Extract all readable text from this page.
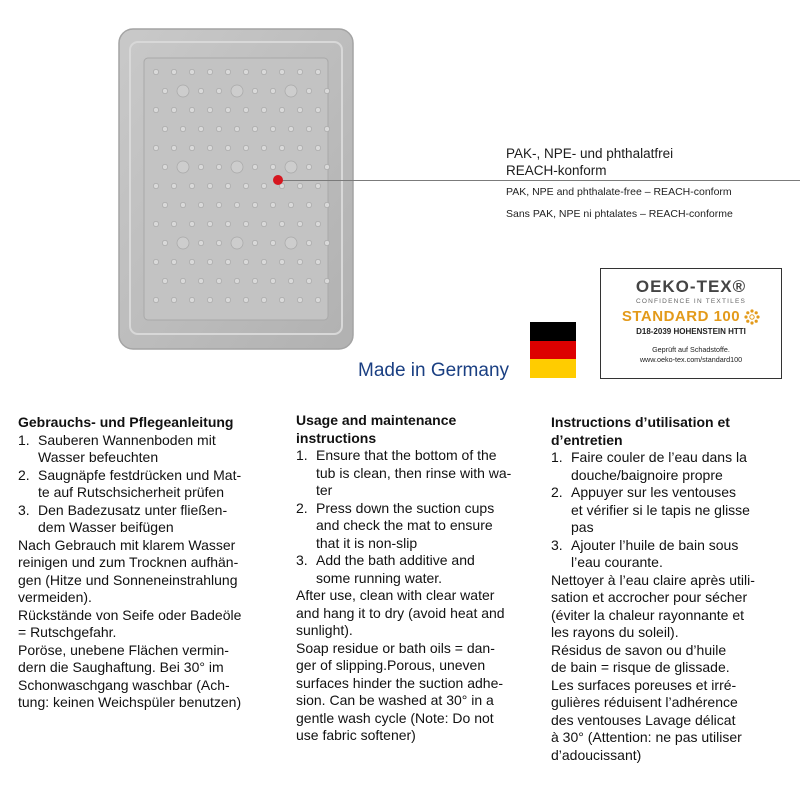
PAK-, NPE- und phthalatfrei
REACH-konform
PAK, NPE and phthalate-free – REACH-conform
Sans PAK, NPE ni phtalates – REACH-conforme
OEKO-TEX®
CONFIDENCE IN TEXTILES
STANDARD 100
D18-2039 HOHENSTEIN HTTI
Geprüft auf Schadstoffe.
www.oeko-tex.com/standard100
Made in Germany
Gebrauchs- und Pflegeanleitung
1. Sauberen Wannenboden mit
Wasser befeuchten

2. Saugnäpfe festdrücken und Mat-
te auf Rutschsicherheit prüfen

3. Den Badezusatz unter fließen-
dem Wasser beifügen

Nach Gebrauch mit klarem Wasser
reinigen und zum Trocknen aufhän-
gen (Hitze und Sonneneinstrahlung
vermeiden).
Rückstände von Seife oder Badeöle
= Rutschgefahr.
Poröse, unebene Flächen vermin-
dern die Saughaftung. Bei 30° im
Schonwaschgang waschbar (Ach-
tung: keinen Weichspüler benutzen)

Usage and maintenance
instructions
1. Ensure that the bottom of the
tub is clean, then rinse with wa-
ter

2. Press down the suction cups
and check the mat to ensure
that it is non-slip

3. Add the bath additive and
some running water.

After use, clean with clear water
and hang it to dry (avoid heat and
sunlight).
Soap residue or bath oils = dan-
ger of slipping.Porous, uneven
surfaces hinder the suction adhe-
sion. Can be washed at 30° in a
gentle wash cycle (Note: Do not
use fabric softener)

Instructions d’utilisation et
d’entretien
1. Faire couler de l’eau dans la
douche/baignoire propre

2. Appuyer sur les ventouses
et vérifier si le tapis ne glisse
pas

3. Ajouter l’huile de bain sous
l’eau courante.

Nettoyer à l’eau claire après utili-
sation et accrocher pour sécher
(éviter la chaleur rayonnante et
les rayons du soleil).
Résidus de savon ou d’huile
de bain = risque de glissade.
Les surfaces poreuses et irré-
gulières réduisent l’adhérence
des ventouses Lavage délicat
à 30° (Attention: ne pas utiliser
d’adoucissant)
